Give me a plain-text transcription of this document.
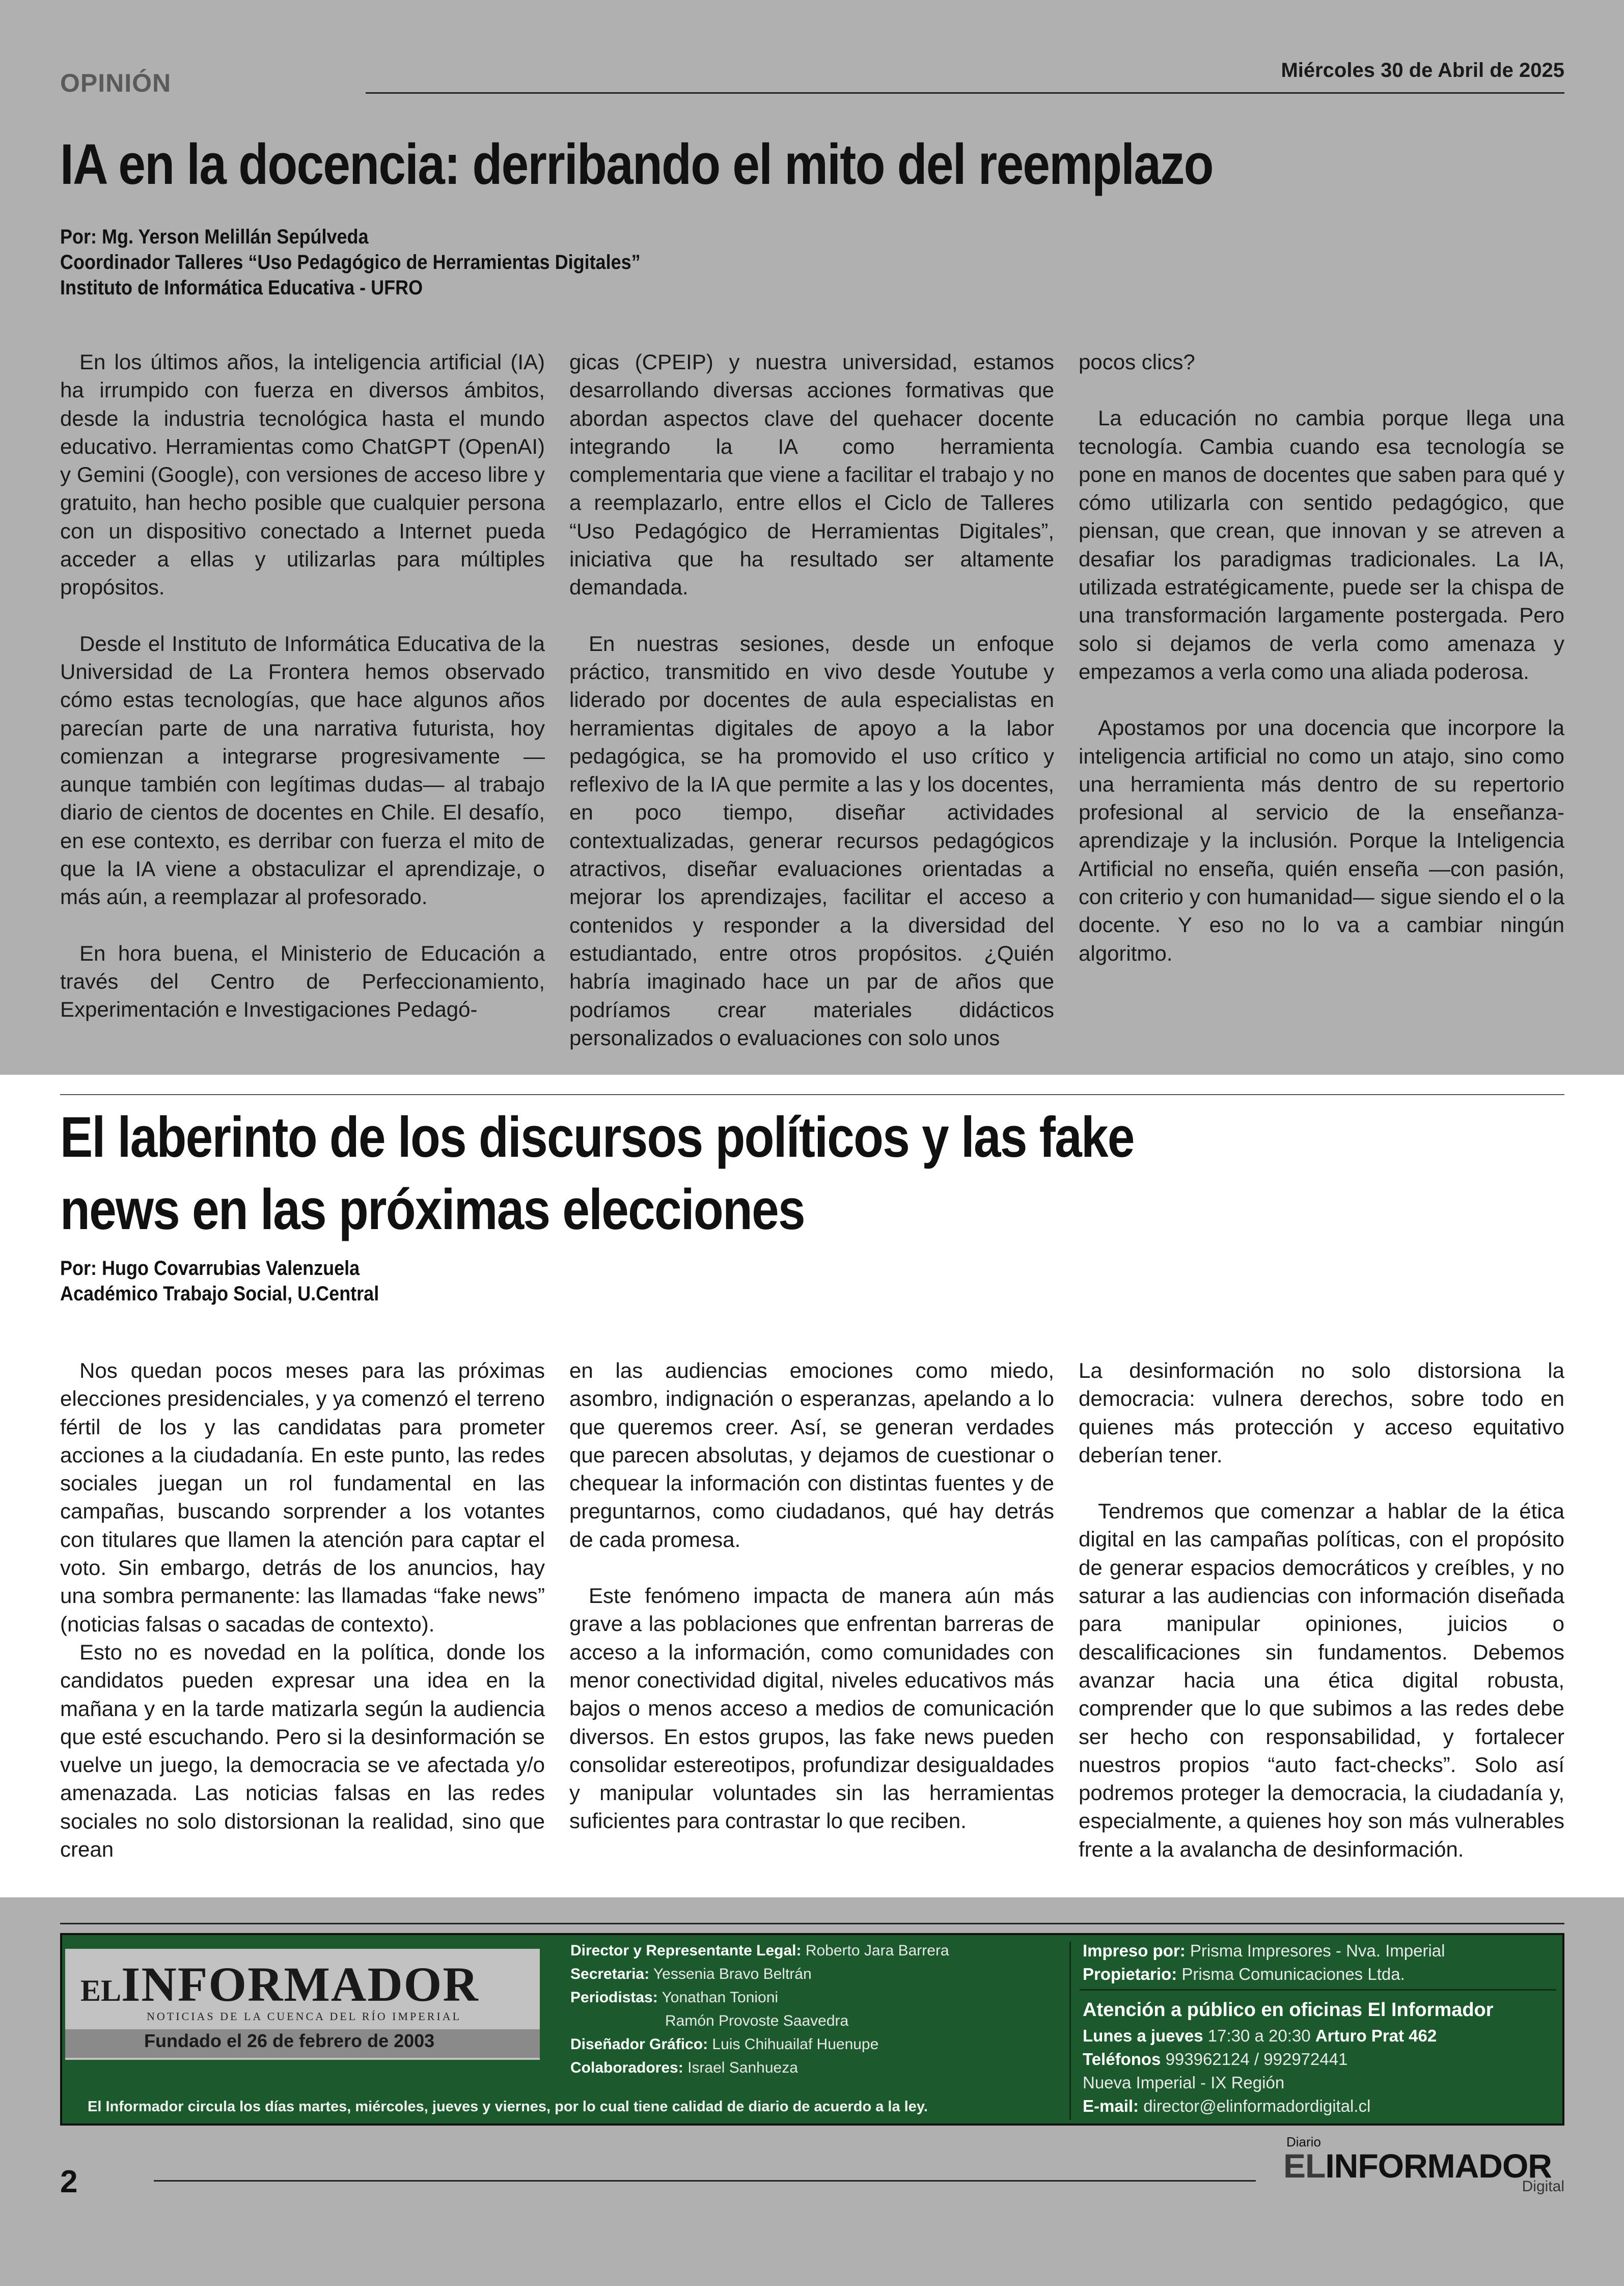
OPINIÓN	Miércoles 30 de Abril de 2025
IA en la docencia: derribando el mito del reemplazo
Por: Mg. Yerson Melillán Sepúlveda
Coordinador Talleres “Uso Pedagógico de Herramientas Digitales”
Instituto de Informática Educativa - UFRO

En los últimos años, la inteligencia artificial (IA) ha irrumpido con fuerza en diversos ámbitos, desde la industria tecnológica hasta el mundo educativo. Herramientas como ChatGPT (OpenAI) y Gemini (Google), con versiones de acceso libre y gratuito, han hecho posible que cualquier persona con un dispositivo conectado a Internet pueda acceder a ellas y utilizarlas para múltiples propósitos.

Desde el Instituto de Informática Educativa de la Universidad de La Frontera hemos observado cómo estas tecnologías, que hace algunos años parecían parte de una narrativa futurista, hoy comienzan a integrarse progresivamente — aunque también con legítimas dudas— al trabajo diario de cientos de docentes en Chile. El desafío, en ese contexto, es derribar con fuerza el mito de que la IA viene a obstaculizar el aprendizaje, o más aún, a reemplazar al profesorado.

En hora buena, el Ministerio de Educación a través del Centro de Perfeccionamiento, Experimentación e Investigaciones Pedagó-

gicas (CPEIP) y nuestra universidad, estamos desarrollando diversas acciones formativas que abordan aspectos clave del quehacer docente integrando la IA como herramienta complementaria que viene a facilitar el trabajo y no a reemplazarlo, entre ellos el Ciclo de Talleres “Uso Pedagógico de Herramientas Digitales”, iniciativa que ha resultado ser altamente demandada.

En nuestras sesiones, desde un enfoque práctico, transmitido en vivo desde Youtube y liderado por docentes de aula especialistas en herramientas digitales de apoyo a la labor pedagógica, se ha promovido el uso crítico y reflexivo de la IA que permite a las y los docentes, en poco tiempo, diseñar actividades contextualizadas, generar recursos pedagógicos atractivos, diseñar evaluaciones orientadas a mejorar los aprendizajes, facilitar el acceso a contenidos y responder a la diversidad del estudiantado, entre otros propósitos. ¿Quién habría imaginado hace un par de años que podríamos crear materiales didácticos personalizados o evaluaciones con solo unos

pocos clics?

La educación no cambia porque llega una tecnología. Cambia cuando esa tecnología se pone en manos de docentes que saben para qué y cómo utilizarla con sentido pedagógico, que piensan, que crean, que innovan y se atreven a desafiar los paradigmas tradicionales. La IA, utilizada estratégicamente, puede ser la chispa de una transformación largamente postergada. Pero solo si dejamos de verla como amenaza y empezamos a verla como una aliada poderosa.

Apostamos por una docencia que incorpore la inteligencia artificial no como un atajo, sino como una herramienta más dentro de su repertorio profesional al servicio de la enseñanza-aprendizaje y la inclusión. Porque la Inteligencia Artificial no enseña, quién enseña —con pasión, con criterio y con humanidad— sigue siendo el o la docente. Y eso no lo va a cambiar ningún algoritmo.

El laberinto de los discursos políticos y las fake
news en las próximas elecciones
Por: Hugo Covarrubias Valenzuela
Académico Trabajo Social, U.Central

Nos quedan pocos meses para las próximas elecciones presidenciales, y ya comenzó el terreno fértil de los y las candidatas para prometer acciones a la ciudadanía. En este punto, las redes sociales juegan un rol fundamental en las campañas, buscando sorprender a los votantes con titulares que llamen la atención para captar el voto. Sin embargo, detrás de los anuncios, hay una sombra permanente: las llamadas “fake news” (noticias falsas o sacadas de contexto).

Esto no es novedad en la política, donde los candidatos pueden expresar una idea en la mañana y en la tarde matizarla según la audiencia que esté escuchando. Pero si la desinformación se vuelve un juego, la democracia se ve afectada y/o amenazada. Las noticias falsas en las redes sociales no solo distorsionan la realidad, sino que crean

en las audiencias emociones como miedo, asombro, indignación o esperanzas, apelando a lo que queremos creer. Así, se generan verdades que parecen absolutas, y dejamos de cuestionar o chequear la información con distintas fuentes y de preguntarnos, como ciudadanos, qué hay detrás de cada promesa.

Este fenómeno impacta de manera aún más grave a las poblaciones que enfrentan barreras de acceso a la información, como comunidades con menor conectividad digital, niveles educativos más bajos o menos acceso a medios de comunicación diversos. En estos grupos, las fake news pueden consolidar estereotipos, profundizar desigualdades y manipular voluntades sin las herramientas suficientes para contrastar lo que reciben.

La desinformación no solo distorsiona la democracia: vulnera derechos, sobre todo en quienes más protección y acceso equitativo deberían tener.

Tendremos que comenzar a hablar de la ética digital en las campañas políticas, con el propósito de generar espacios democráticos y creíbles, y no saturar a las audiencias con información diseñada para manipular opiniones, juicios o descalificaciones sin fundamentos. Debemos avanzar hacia una ética digital robusta, comprender que lo que subimos a las redes debe ser hecho con responsabilidad, y fortalecer nuestros propios “auto fact-checks”. Solo así podremos proteger la democracia, la ciudadanía y, especialmente, a quienes hoy son más vulnerables frente a la avalancha de desinformación.

ELINFORMADOR
NOTICIAS DE LA CUENCA DEL RÍO IMPERIAL
Fundado el 26 de febrero de 2003
Director y Representante Legal: Roberto Jara Barrera
Secretaria: Yessenia Bravo Beltrán
Periodistas: Yonathan Tonioni
Ramón Provoste Saavedra
Diseñador Gráfico: Luis Chihuailaf Huenupe
Colaboradores: Israel Sanhueza
Impreso por: Prisma Impresores - Nva. Imperial
Propietario: Prisma Comunicaciones Ltda.
Atención a público en oficinas El Informador
Lunes a jueves 17:30 a 20:30 Arturo Prat 462
Teléfonos 993962124 / 992972441
Nueva Imperial - IX Región
E-mail: director@elinformadordigital.cl
El Informador circula los días martes, miércoles, jueves y viernes, por lo cual tiene calidad de diario de acuerdo a la ley.
2
Diario
ELINFORMADOR
Digital
